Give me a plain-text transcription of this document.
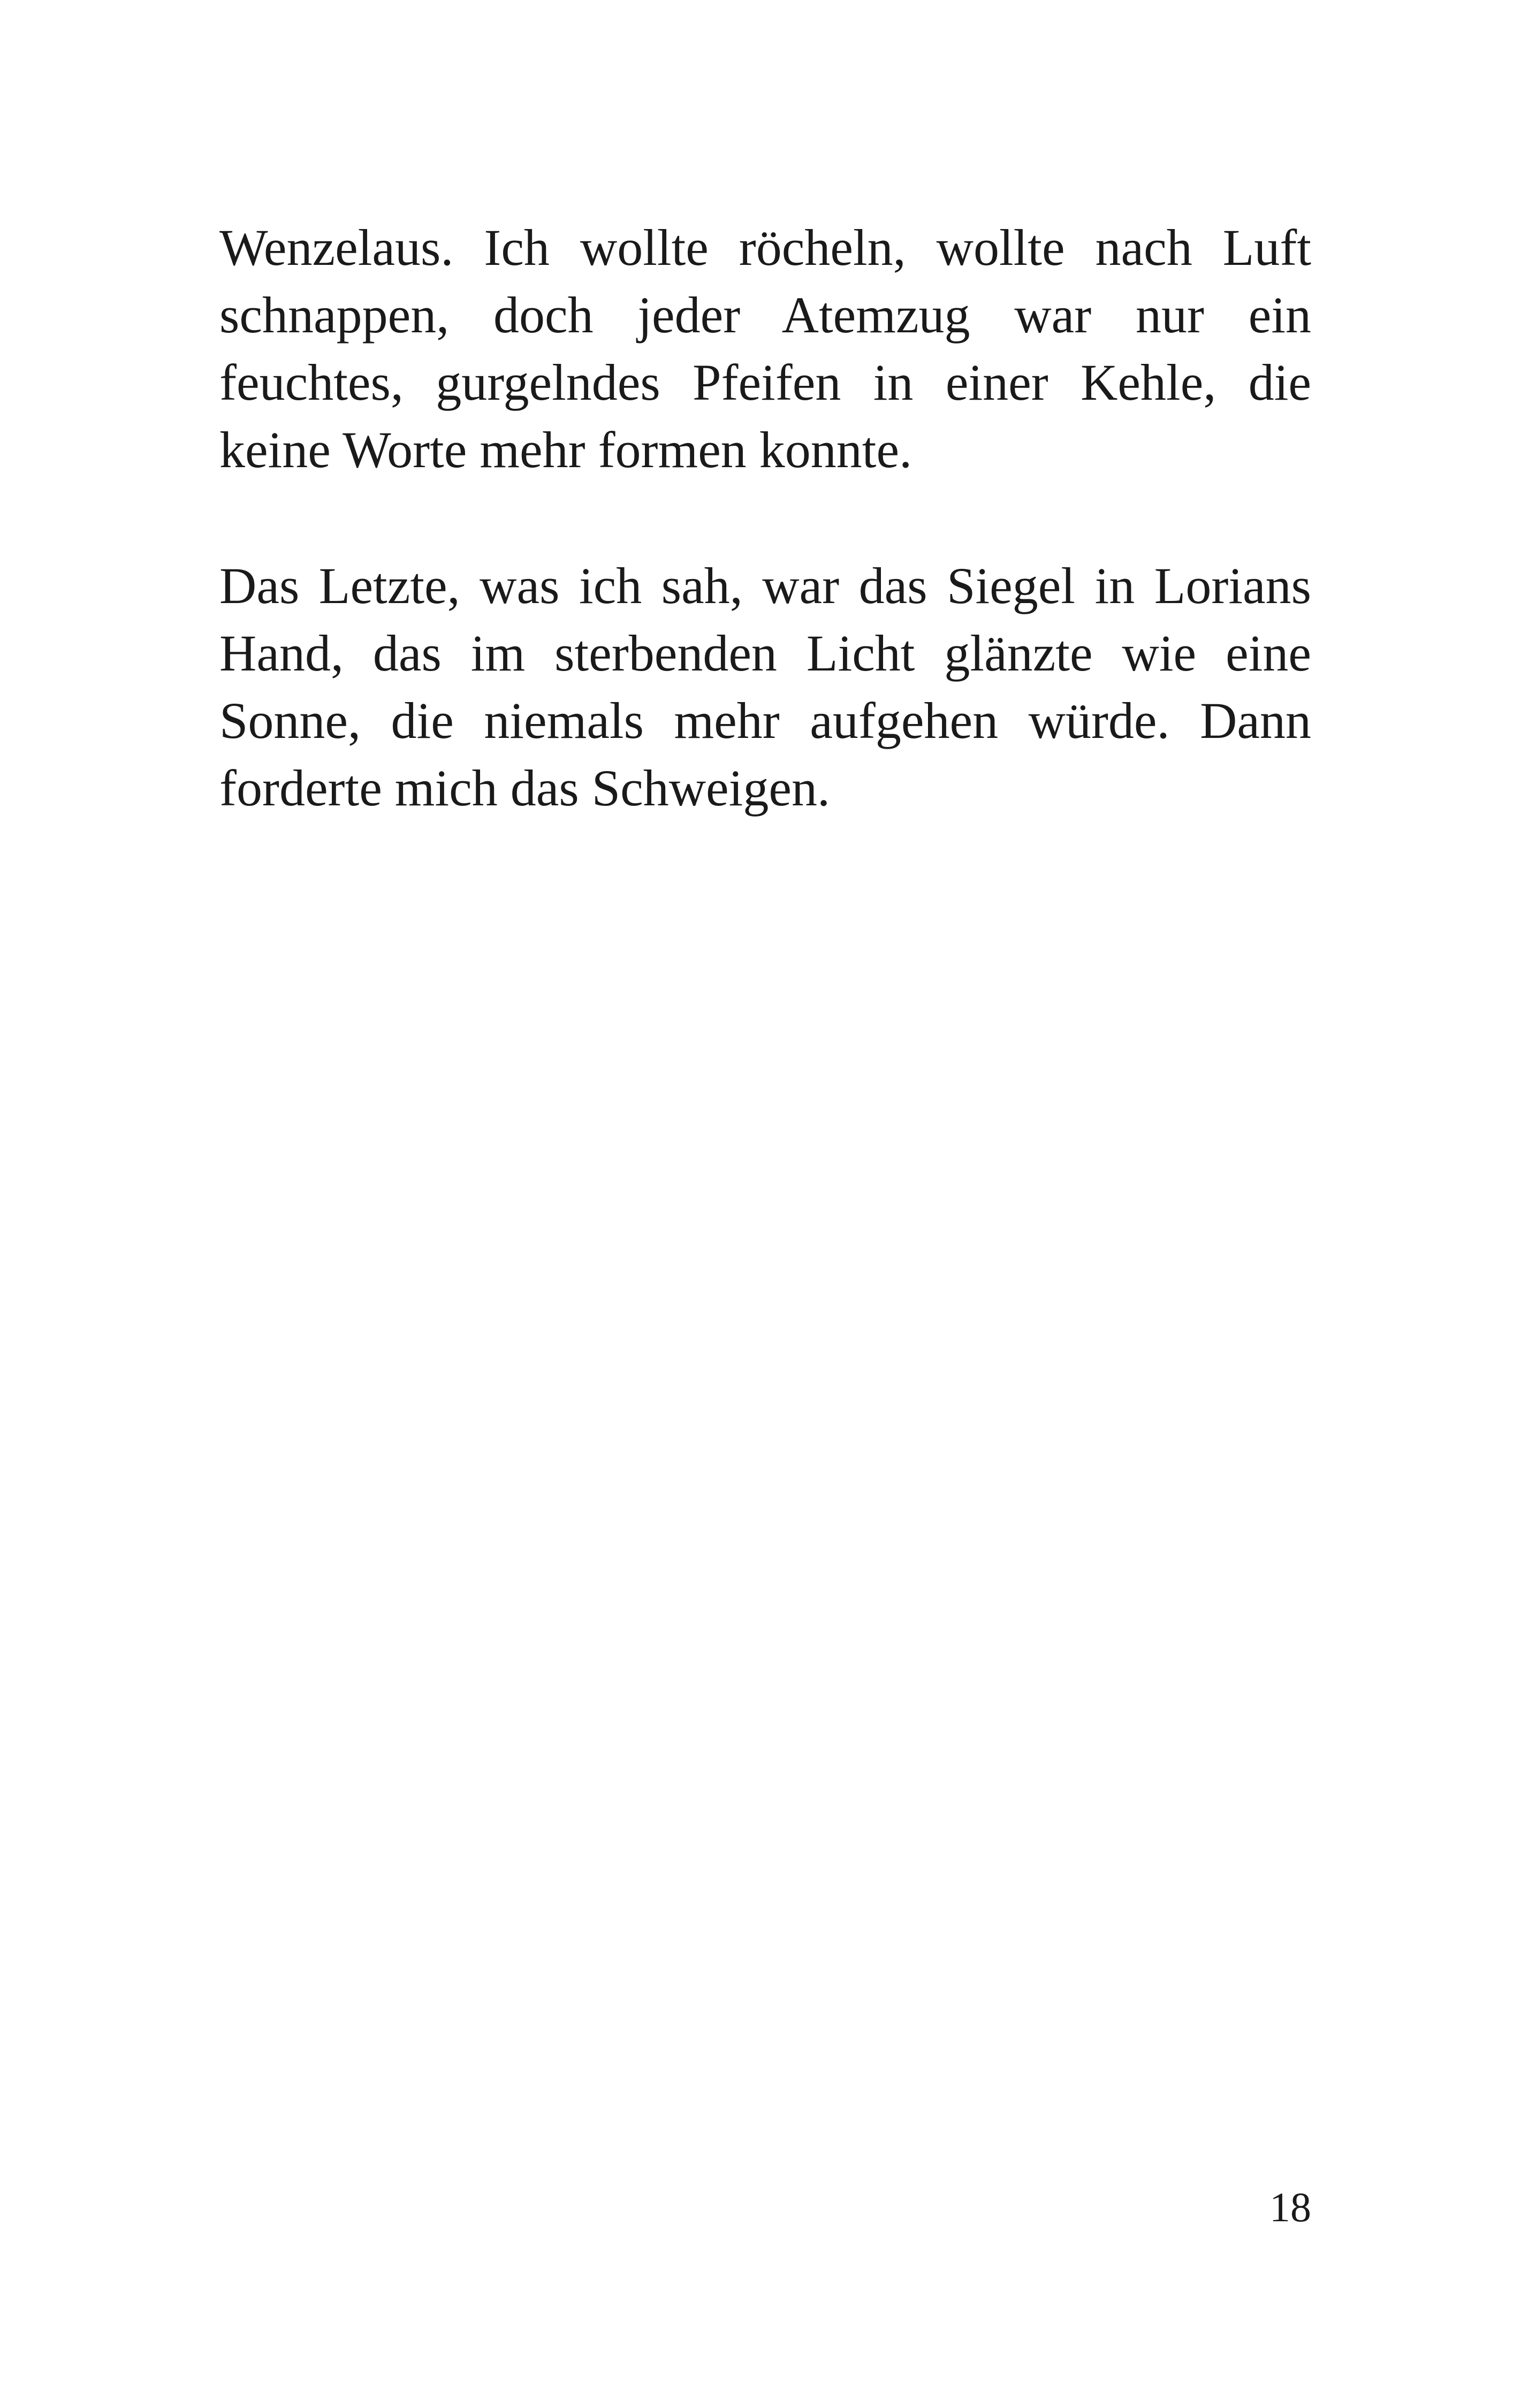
Wenzelaus. Ich wollte röcheln, wollte nach Luft schnappen, doch jeder Atemzug war nur ein feuchtes, gurgelndes Pfeifen in einer Kehle, die keine Worte mehr formen konnte.

Das Letzte, was ich sah, war das Siegel in Lorians Hand, das im sterbenden Licht glänzte wie eine Sonne, die niemals mehr aufgehen würde. Dann forderte mich das Schweigen.

18
